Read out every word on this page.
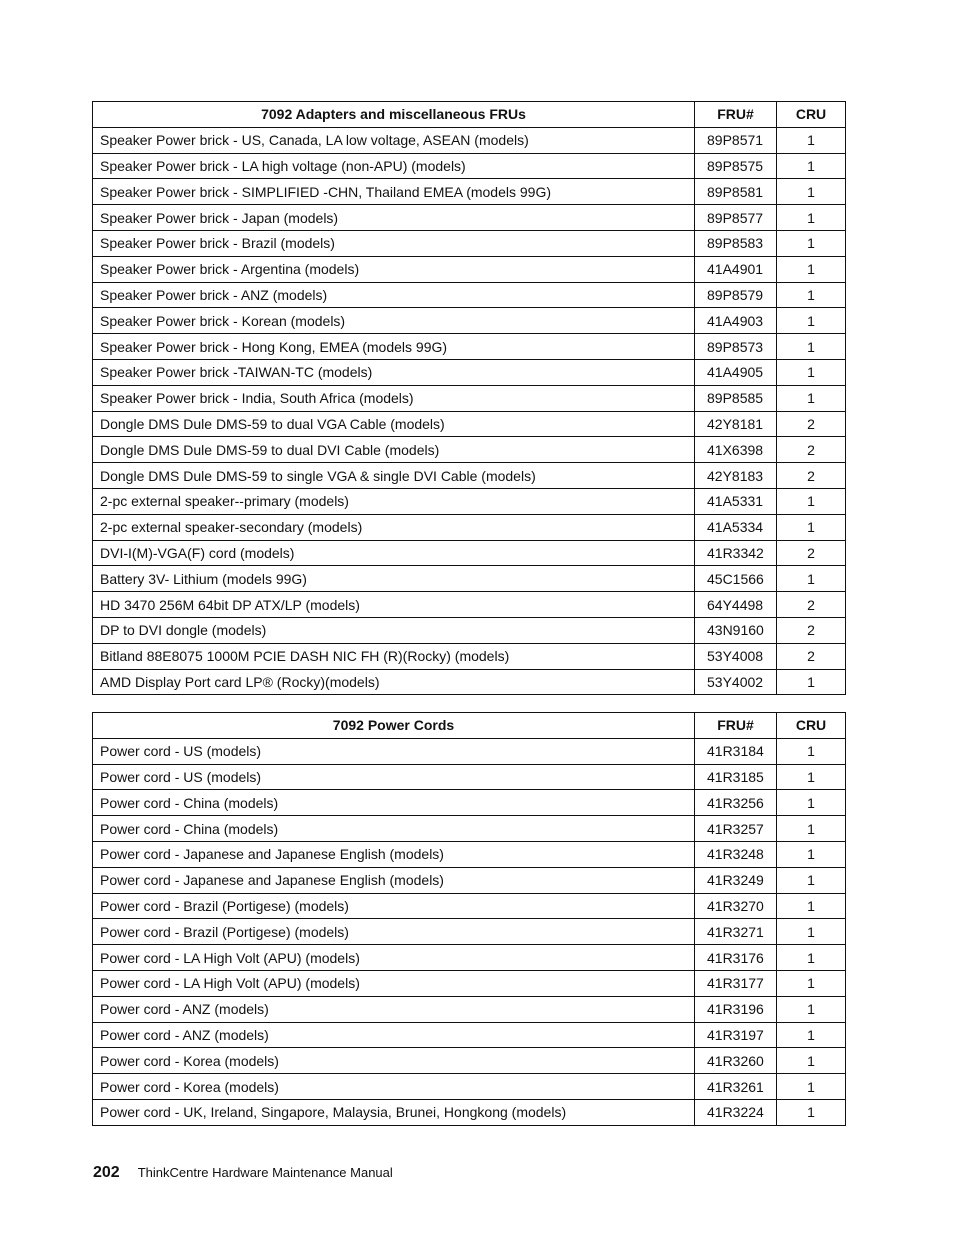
7092 Adapters and miscellaneous FRUs	FRU#	CRU
Speaker Power brick - US, Canada, LA low voltage, ASEAN (models)	89P8571	1
Speaker Power brick - LA high voltage (non-APU) (models)	89P8575	1
Speaker Power brick - SIMPLIFIED -CHN, Thailand EMEA (models 99G)	89P8581	1
Speaker Power brick - Japan (models)	89P8577	1
Speaker Power brick - Brazil (models)	89P8583	1
Speaker Power brick - Argentina (models)	41A4901	1
Speaker Power brick - ANZ (models)	89P8579	1
Speaker Power brick - Korean (models)	41A4903	1
Speaker Power brick - Hong Kong, EMEA (models 99G)	89P8573	1
Speaker Power brick -TAIWAN-TC (models)	41A4905	1
Speaker Power brick - India, South Africa (models)	89P8585	1
Dongle DMS Dule DMS-59 to dual VGA Cable (models)	42Y8181	2
Dongle DMS Dule DMS-59 to dual DVI Cable (models)	41X6398	2
Dongle DMS Dule DMS-59 to single VGA & single DVI Cable (models)	42Y8183	2
2-pc external speaker--primary (models)	41A5331	1
2-pc external speaker-secondary (models)	41A5334	1
DVI-I(M)-VGA(F) cord (models)	41R3342	2
Battery 3V- Lithium (models 99G)	45C1566	1
HD 3470 256M 64bit DP ATX/LP (models)	64Y4498	2
DP to DVI dongle (models)	43N9160	2
Bitland 88E8075 1000M PCIE DASH NIC FH (R)(Rocky) (models)	53Y4008	2
AMD Display Port card LP® (Rocky)(models)	53Y4002	1
7092 Power Cords	FRU#	CRU
Power cord - US (models)	41R3184	1
Power cord - US (models)	41R3185	1
Power cord - China (models)	41R3256	1
Power cord - China (models)	41R3257	1
Power cord - Japanese and Japanese English (models)	41R3248	1
Power cord - Japanese and Japanese English (models)	41R3249	1
Power cord - Brazil (Portigese) (models)	41R3270	1
Power cord - Brazil (Portigese) (models)	41R3271	1
Power cord - LA High Volt (APU) (models)	41R3176	1
Power cord - LA High Volt (APU) (models)	41R3177	1
Power cord - ANZ (models)	41R3196	1
Power cord - ANZ (models)	41R3197	1
Power cord - Korea (models)	41R3260	1
Power cord - Korea (models)	41R3261	1
Power cord - UK, Ireland, Singapore, Malaysia, Brunei, Hongkong (models)	41R3224	1
202 ThinkCentre Hardware Maintenance Manual
